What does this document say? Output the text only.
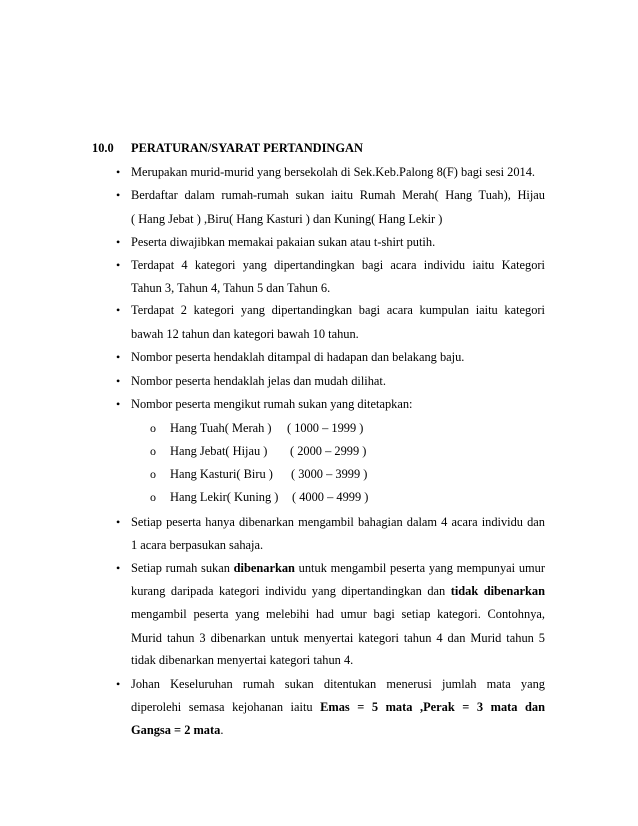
10.0 PERATURAN/SYARAT PERTANDINGAN
• Merupakan murid-murid yang bersekolah di Sek.Keb.Palong 8(F) bagi sesi 2014.
• Berdaftar dalam rumah-rumah sukan iaitu Rumah Merah( Hang Tuah), Hijau
( Hang Jebat ) ,Biru( Hang Kasturi ) dan Kuning( Hang Lekir )
• Peserta diwajibkan memakai pakaian sukan atau t-shirt putih.
• Terdapat 4 kategori yang dipertandingkan bagi acara individu iaitu Kategori
Tahun 3, Tahun 4, Tahun 5 dan Tahun 6.
• Terdapat 2 kategori yang dipertandingkan bagi acara kumpulan iaitu kategori
bawah 12 tahun dan kategori bawah 10 tahun.
• Nombor peserta hendaklah ditampal di hadapan dan belakang baju.
• Nombor peserta hendaklah jelas dan mudah dilihat.
• Nombor peserta mengikut rumah sukan yang ditetapkan:
o Hang Tuah( Merah ) ( 1000 – 1999 )
o Hang Jebat( Hijau ) ( 2000 – 2999 )
o Hang Kasturi( Biru ) ( 3000 – 3999 )
o Hang Lekir( Kuning ) ( 4000 – 4999 )
• Setiap peserta hanya dibenarkan mengambil bahagian dalam 4 acara individu dan
1 acara berpasukan sahaja.
• Setiap rumah sukan dibenarkan untuk mengambil peserta yang mempunyai umur
kurang daripada kategori individu yang dipertandingkan dan tidak dibenarkan
mengambil peserta yang melebihi had umur bagi setiap kategori. Contohnya,
Murid tahun 3 dibenarkan untuk menyertai kategori tahun 4 dan Murid tahun 5
tidak dibenarkan menyertai kategori tahun 4.
• Johan Keseluruhan rumah sukan ditentukan menerusi jumlah mata yang
diperolehi semasa kejohanan iaitu Emas = 5 mata ,Perak = 3 mata dan
Gangsa = 2 mata.
